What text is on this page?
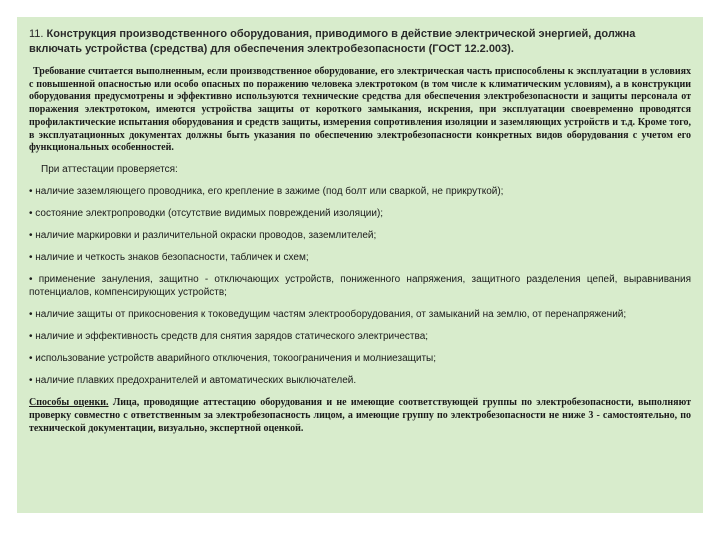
11. Конструкция производственного оборудования, приводимого в действие электрической энергией, должна включать устройства (средства) для обеспечения электробезопасности (ГОСТ 12.2.003).

Требование считается выполненным, если производственное оборудование, его электрическая часть приспособлены к эксплуатации в условиях с повышенной опасностью или особо опасных по поражению человека электротоком (в том числе к климатическим условиям), а в конструкции оборудования предусмотрены и эффективно используются технические средства для обеспечения электробезопасности и защиты персонала от поражения электротоком, имеются устройства защиты от короткого замыкания, искрения, при эксплуатации своевременно проводятся профилактические испытания оборудования и средств защиты, измерения сопротивления изоляции и заземляющих устройств и т.д. Кроме того, в эксплуатационных документах должны быть указания по обеспечению электробезопасности конкретных видов оборудования с учетом его функциональных особенностей.

При аттестации проверяется:

• наличие заземляющего проводника, его крепление в зажиме (под болт или сваркой, не прикруткой);

• состояние электропроводки (отсутствие видимых повреждений изоляции);

• наличие маркировки и различительной окраски проводов, заземлителей;

• наличие и четкость знаков безопасности, табличек и схем;

• применение зануления, защитно - отключающих устройств, пониженного напряжения, защитного разделения цепей, выравнивания потенциалов, компенсирующих устройств;

• наличие защиты от прикосновения к токоведущим частям электрооборудования, от замыканий на землю, от перенапряжений;

• наличие и эффективность средств для снятия зарядов статического электричества;

• использование устройств аварийного отключения, токоограничения и молниезащиты;

• наличие плавких предохранителей и автоматических выключателей.

Способы оценки. Лица, проводящие аттестацию оборудования и не имеющие соответствующей группы по электробезопасности, выполняют проверку совместно с ответственным за электробезопасность лицом, а имеющие группу по электробезопасности не ниже 3 - самостоятельно, по технической документации, визуально, экспертной оценкой.
